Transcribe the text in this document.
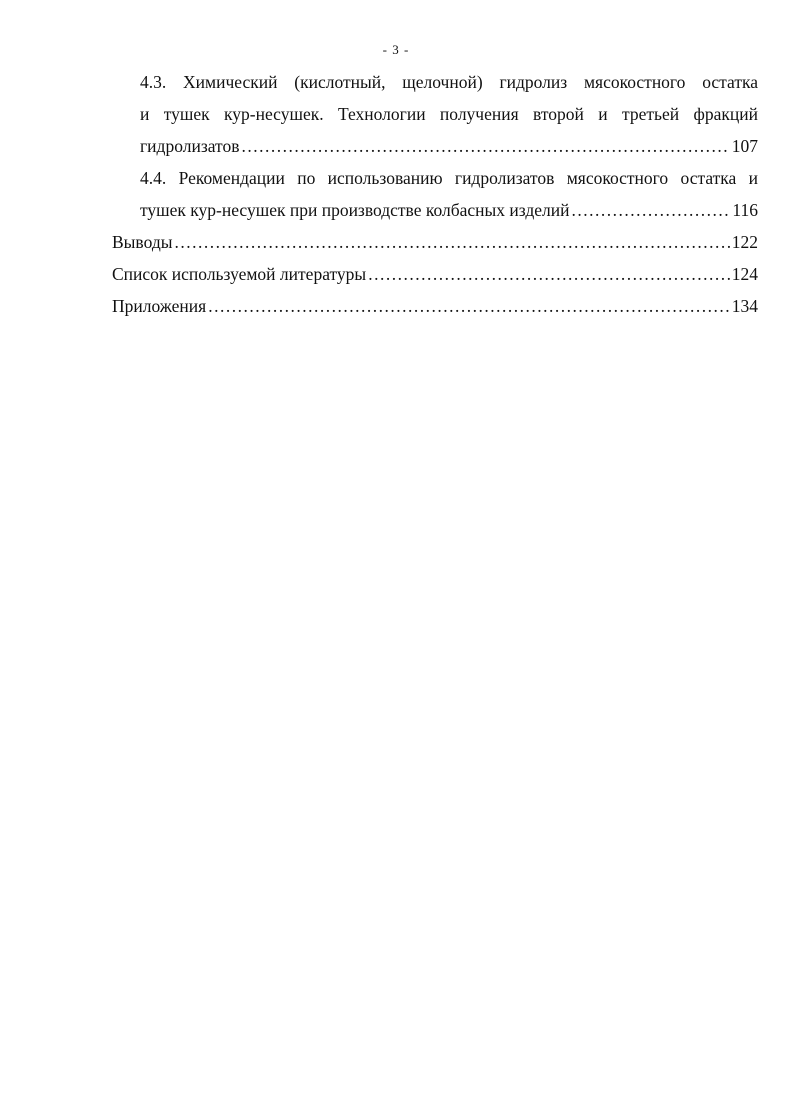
- 3 -
4.3. Химический (кислотный, щелочной) гидролиз мясокостного остатка
и тушек кур-несушек. Технологии получения второй и третьей фракций
гидролизатов .....	107
4.4. Рекомендации по использованию гидролизатов мясокостного остатка и
тушек кур-несушек при производстве колбасных изделий .....	116
Выводы .....	122
Список используемой литературы .....	124
Приложения .....	134
